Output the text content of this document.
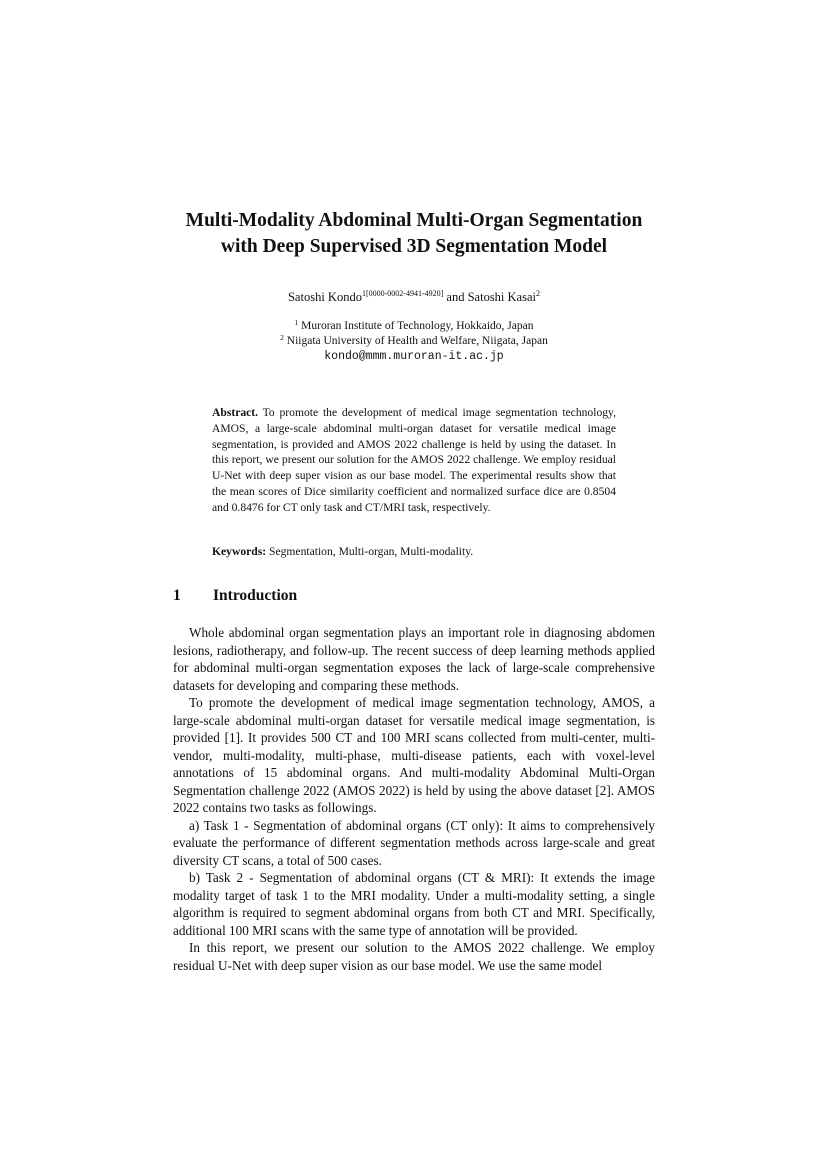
Multi-Modality Abdominal Multi-Organ Segmentation
with Deep Supervised 3D Segmentation Model
Satoshi Kondo$^{1[0000-0002-4941-4920]}$ and Satoshi Kasai$^2$
$^1$ Muroran Institute of Technology, Hokkaido, Japan
$^2$ Niigata University of Health and Welfare, Niigata, Japan
kondo@mmm.muroran-it.ac.jp
Abstract. To promote the development of medical image segmentation technology, AMOS, a large-scale abdominal multi-organ dataset for versatile medical image segmentation, is provided and AMOS 2022 challenge is held by using the dataset. In this report, we present our solution for the AMOS 2022 challenge. We employ residual U-Net with deep super vision as our base model. The experimental results show that the mean scores of Dice similarity coefficient and normalized surface dice are 0.8504 and 0.8476 for CT only task and CT/MRI task, respectively.
Keywords: Segmentation, Multi-organ, Multi-modality.
1 Introduction

Whole abdominal organ segmentation plays an important role in diagnosing abdomen lesions, radiotherapy, and follow-up. The recent success of deep learning methods applied for abdominal multi-organ segmentation exposes the lack of large-scale comprehensive datasets for developing and comparing these methods.

To promote the development of medical image segmentation technology, AMOS, a large-scale abdominal multi-organ dataset for versatile medical image segmentation, is provided [1]. It provides 500 CT and 100 MRI scans collected from multi-center, multi-vendor, multi-modality, multi-phase, multi-disease patients, each with voxel-level annotations of 15 abdominal organs. And multi-modality Abdominal Multi-Organ Segmentation challenge 2022 (AMOS 2022) is held by using the above dataset [2]. AMOS 2022 contains two tasks as followings.

a) Task 1 - Segmentation of abdominal organs (CT only): It aims to comprehensively evaluate the performance of different segmentation methods across large-scale and great diversity CT scans, a total of 500 cases.

b) Task 2 - Segmentation of abdominal organs (CT & MRI): It extends the image modality target of task 1 to the MRI modality. Under a multi-modality setting, a single algorithm is required to segment abdominal organs from both CT and MRI. Specifically, additional 100 MRI scans with the same type of annotation will be provided.

In this report, we present our solution to the AMOS 2022 challenge. We employ residual U-Net with deep super vision as our base model. We use the same model
